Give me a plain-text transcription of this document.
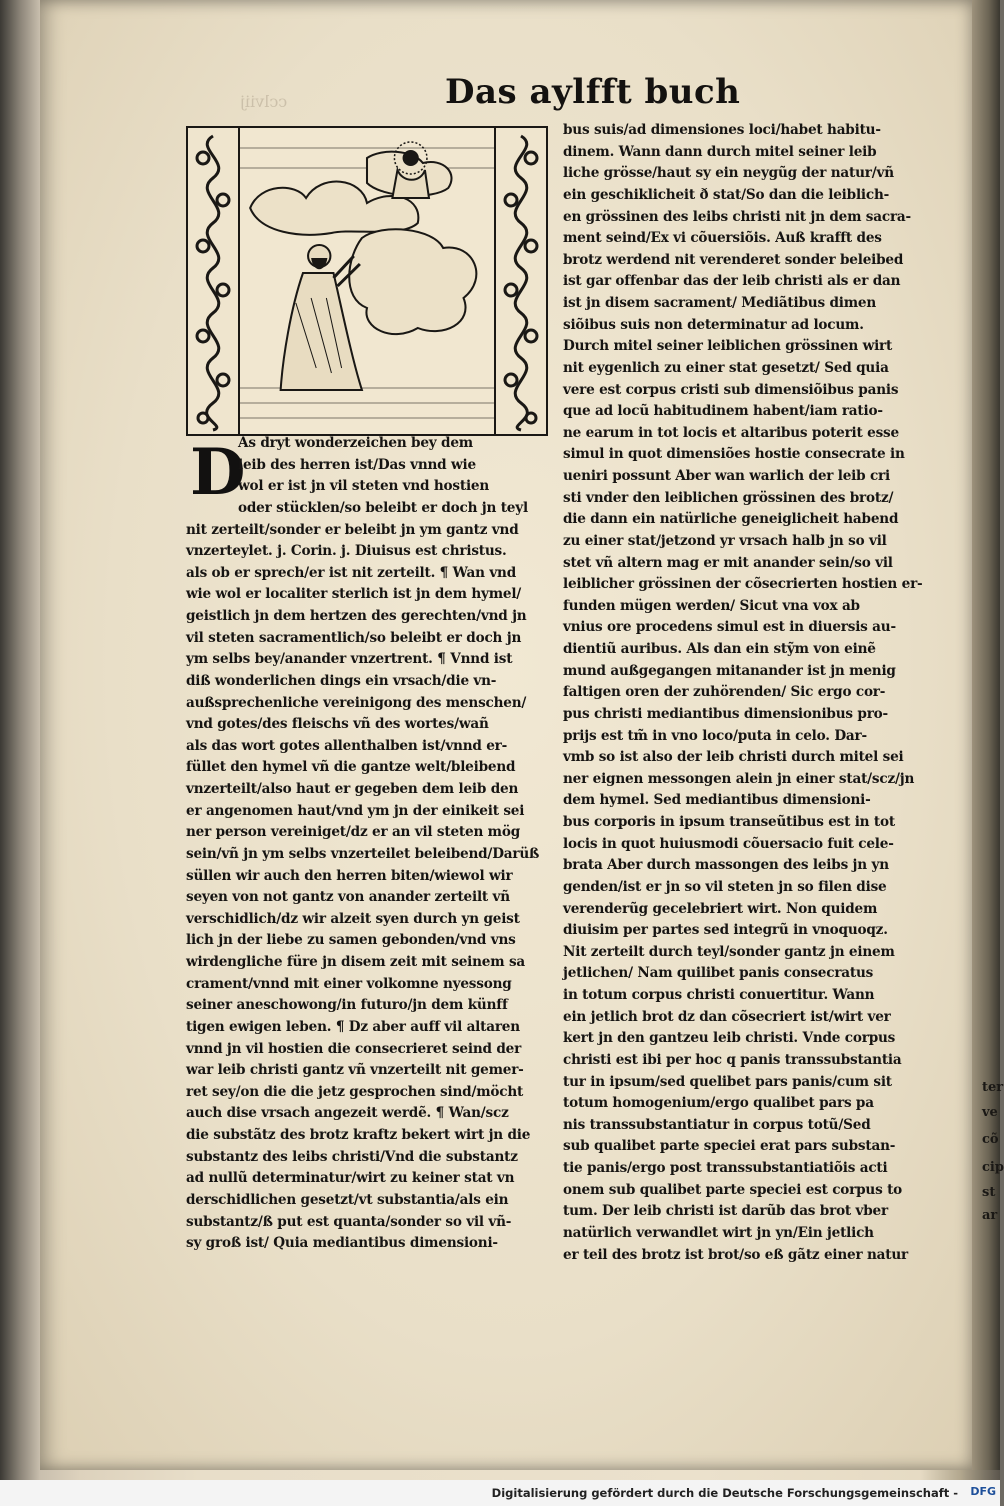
cclviij	Das aylfft buch
D
As dryt wonderzeichen bey dem
leib des herren ist/Das vnnd wie
wol er ist jn vil steten vnd hostien
oder stücklen/so beleibt er doch jn teyl
nit zerteilt/sonder er beleibt jn ym gantz vnd
vnzerteylet. j. Corin. j. Diuisus est christus.
als ob er sprech/er ist nit zerteilt. ¶ Wan vnd
wie wol er localiter sterlich ist jn dem hymel/
geistlich jn dem hertzen des gerechten/vnd jn
vil steten sacramentlich/so beleibt er doch jn
ym selbs bey/anander vnzertrent. ¶ Vnnd ist
diß wonderlichen dings ein vrsach/die vn-
außsprechenliche vereinigong des menschen/
vnd gotes/des fleischs vñ des wortes/wañ
als das wort gotes allenthalben ist/vnnd er-
füllet den hymel vñ die gantze welt/bleibend
vnzerteilt/also haut er gegeben dem leib den
er angenomen haut/vnd ym jn der einikeit sei
ner person vereiniget/dz er an vil steten mög
sein/vñ jn ym selbs vnzerteilet beleibend/Darüß
süllen wir auch den herren biten/wiewol wir
seyen von not gantz von anander zerteilt vñ
verschidlich/dz wir alzeit syen durch yn geist
lich jn der liebe zu samen gebonden/vnd vns
wirdengliche füre jn disem zeit mit seinem sa
crament/vnnd mit einer volkomne nyessong
seiner aneschowong/in futuro/jn dem künff
tigen ewigen leben. ¶ Dz aber auff vil altaren
vnnd jn vil hostien die consecrieret seind der
war leib christi gantz vñ vnzerteilt nit gemer-
ret sey/on die die jetz gesprochen sind/möcht
auch dise vrsach angezeit werdẽ. ¶ Wan/scz
die substãtz des brotz kraftz bekert wirt jn die
substantz des leibs christi/Vnd die substantz
ad nullũ determinatur/wirt zu keiner stat vn
derschidlichen gesetzt/vt substantia/als ein
substantz/ß put est quanta/sonder so vil vñ-
sy groß ist/ Quia mediantibus dimensioni-
bus suis/ad dimensiones loci/habet habitu-
dinem. Wann dann durch mitel seiner leib
liche grösse/haut sy ein neygũg der natur/vñ
ein geschiklicheit ð stat/So dan die leiblich-
en grössinen des leibs christi nit jn dem sacra-
ment seind/Ex vi cõuersiõis. Auß krafft des
brotz werdend nit verenderet sonder beleibed
ist gar offenbar das der leib christi als er dan
ist jn disem sacrament/ Mediãtibus dimen
siõibus suis non determinatur ad locum.
Durch mitel seiner leiblichen grössinen wirt
nit eygenlich zu einer stat gesetzt/ Sed quia
vere est corpus cristi sub dimensiõibus panis
que ad locũ habitudinem habent/iam ratio-
ne earum in tot locis et altaribus poterit esse
simul in quot dimensiões hostie consecrate in
ueniri possunt Aber wan warlich der leib cri
sti vnder den leiblichen grössinen des brotz/
die dann ein natürliche geneiglicheit habend
zu einer stat/jetzond yr vrsach halb jn so vil
stet vñ altern mag er mit anander sein/so vil
leiblicher grössinen der cõsecrierten hostien er-
funden mügen werden/ Sicut vna vox ab
vnius ore procedens simul est in diuersis au-
dientiũ auribus. Als dan ein stỹm von einẽ
mund außgegangen mitanander ist jn menig
faltigen oren der zuhörenden/ Sic ergo cor-
pus christi mediantibus dimensionibus pro-
prijs est tm̃ in vno loco/puta in celo. Dar-
vmb so ist also der leib christi durch mitel sei
ner eignen messongen alein jn einer stat/scz/jn
dem hymel. Sed mediantibus dimensioni-
bus corporis in ipsum transeũtibus est in tot
locis in quot huiusmodi cõuersacio fuit cele-
brata Aber durch massongen des leibs jn yn
genden/ist er jn so vil steten jn so filen dise
verenderũg gecelebriert wirt. Non quidem
diuisim per partes sed integrũ in vnoquoqz.
Nit zerteilt durch teyl/sonder gantz jn einem
jetlichen/ Nam quilibet panis consecratus
in totum corpus christi conuertitur. Wann
ein jetlich brot dz dan cõsecriert ist/wirt ver
kert jn den gantzeu leib christi. Vnde corpus
christi est ibi per hoc q panis transsubstantia
tur in ipsum/sed quelibet pars panis/cum sit
totum homogenium/ergo qualibet pars pa
nis transsubstantiatur in corpus totũ/Sed
sub qualibet parte speciei erat pars substan-
tie panis/ergo post transsubstantiatiõis acti
onem sub qualibet parte speciei est corpus to
tum. Der leib christi ist darũb das brot vber
natürlich verwandlet wirt jn yn/Ein jetlich
er teil des brotz ist brot/so eß gãtz einer natur
ter
ve
cõ
cip
st
ar
Digitalisierung gefördert durch die Deutsche Forschungsgemeinschaft - DFG
